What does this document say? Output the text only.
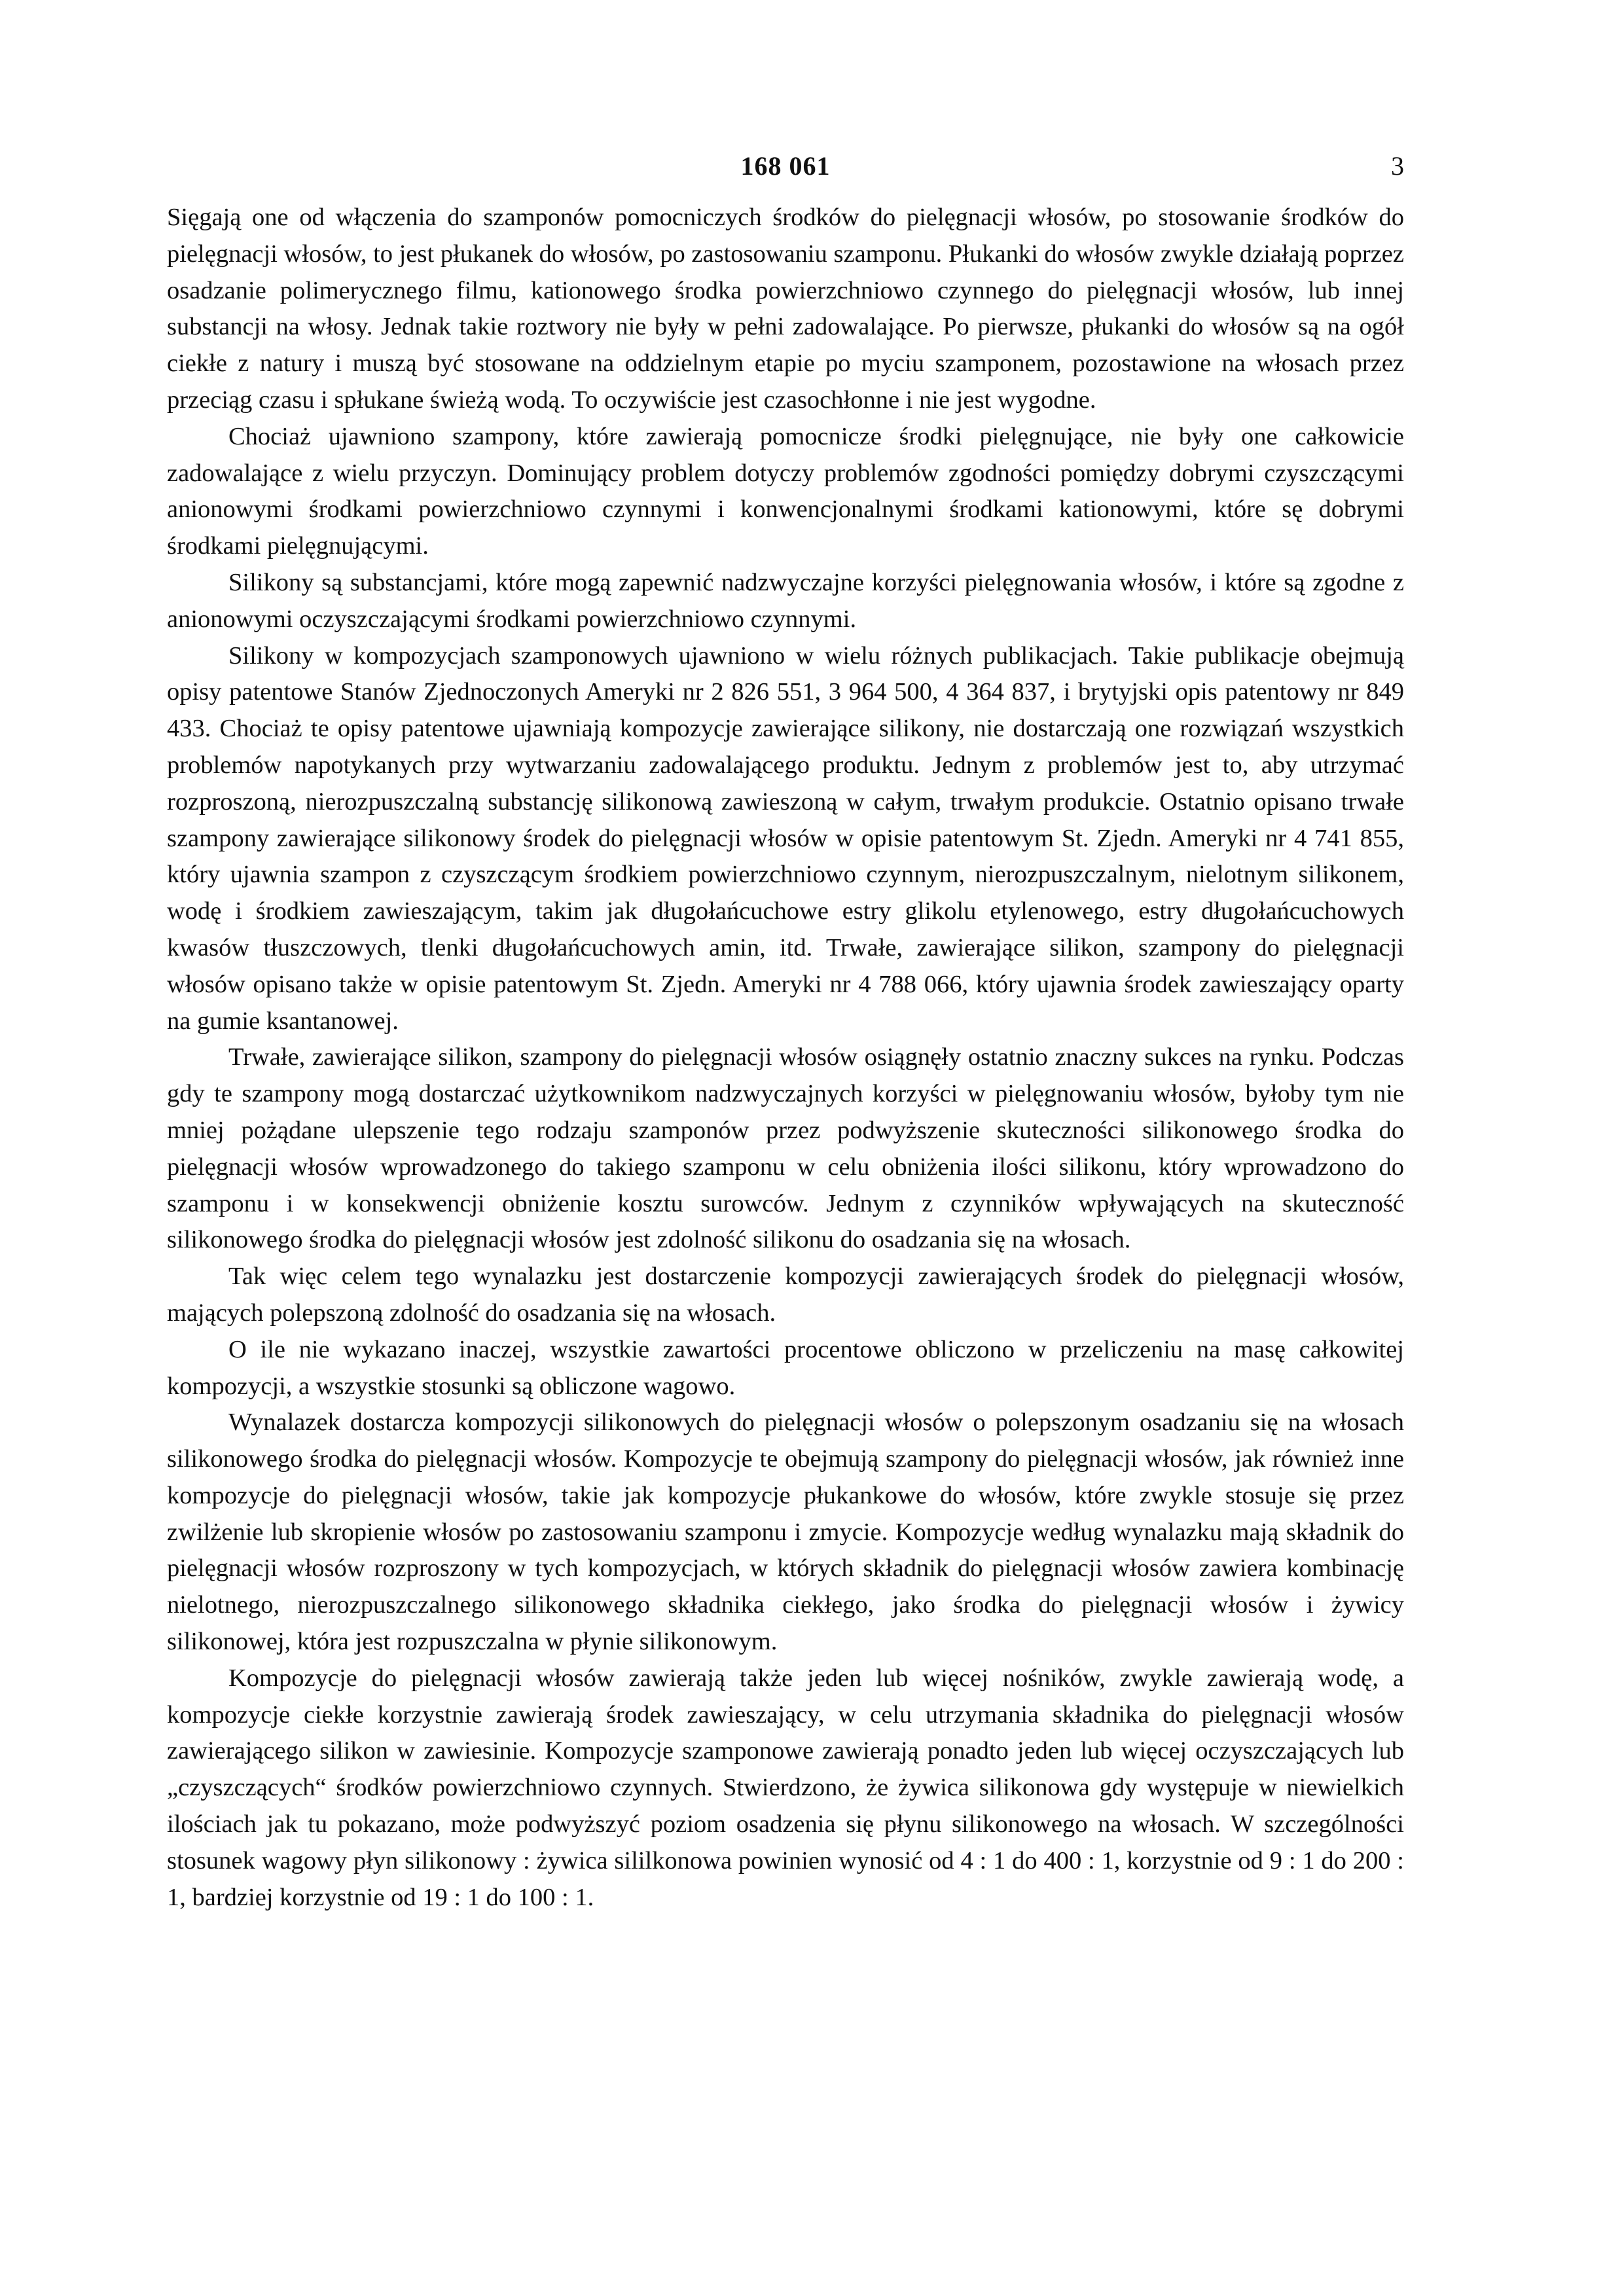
168 061	3

Sięgają one od włączenia do szamponów pomocniczych środków do pielęgnacji włosów, po stosowanie środków do pielęgnacji włosów, to jest płukanek do włosów, po zastosowaniu szamponu. Płukanki do włosów zwykle działają poprzez osadzanie polimerycznego filmu, kationowego środka powierzchniowo czynnego do pielęgnacji włosów, lub innej substancji na włosy. Jednak takie roztwory nie były w pełni zadowalające. Po pierwsze, płukanki do włosów są na ogół ciekłe z natury i muszą być stosowane na oddzielnym etapie po myciu szamponem, pozostawione na włosach przez przeciąg czasu i spłukane świeżą wodą. To oczywiście jest czasochłonne i nie jest wygodne.

Chociaż ujawniono szampony, które zawierają pomocnicze środki pielęgnujące, nie były one całkowicie zadowalające z wielu przyczyn. Dominujący problem dotyczy problemów zgodności pomiędzy dobrymi czyszczącymi anionowymi środkami powierzchniowo czynnymi i konwencjonalnymi środkami kationowymi, które sę dobrymi środkami pielęgnującymi.

Silikony są substancjami, które mogą zapewnić nadzwyczajne korzyści pielęgnowania włosów, i które są zgodne z anionowymi oczyszczającymi środkami powierzchniowo czynnymi.

Silikony w kompozycjach szamponowych ujawniono w wielu różnych publikacjach. Takie publikacje obejmują opisy patentowe Stanów Zjednoczonych Ameryki nr 2 826 551, 3 964 500, 4 364 837, i brytyjski opis patentowy nr 849 433. Chociaż te opisy patentowe ujawniają kompozycje zawierające silikony, nie dostarczają one rozwiązań wszystkich problemów napotykanych przy wytwarzaniu zadowalającego produktu. Jednym z problemów jest to, aby utrzymać rozproszoną, nierozpuszczalną substancję silikonową zawieszoną w całym, trwałym produkcie. Ostatnio opisano trwałe szampony zawierające silikonowy środek do pielęgnacji włosów w opisie patentowym St. Zjedn. Ameryki nr 4 741 855, który ujawnia szampon z czyszczącym środkiem powierzchniowo czynnym, nierozpuszczalnym, nielotnym silikonem, wodę i środkiem zawieszającym, takim jak długołańcuchowe estry glikolu etylenowego, estry długołańcuchowych kwasów tłuszczowych, tlenki długołańcuchowych amin, itd. Trwałe, zawierające silikon, szampony do pielęgnacji włosów opisano także w opisie patentowym St. Zjedn. Ameryki nr 4 788 066, który ujawnia środek zawieszający oparty na gumie ksantanowej.

Trwałe, zawierające silikon, szampony do pielęgnacji włosów osiągnęły ostatnio znaczny sukces na rynku. Podczas gdy te szampony mogą dostarczać użytkownikom nadzwyczajnych korzyści w pielęgnowaniu włosów, byłoby tym nie mniej pożądane ulepszenie tego rodzaju szamponów przez podwyższenie skuteczności silikonowego środka do pielęgnacji włosów wprowadzonego do takiego szamponu w celu obniżenia ilości silikonu, który wprowadzono do szamponu i w konsekwencji obniżenie kosztu surowców. Jednym z czynników wpływających na skuteczność silikonowego środka do pielęgnacji włosów jest zdolność silikonu do osadzania się na włosach.

Tak więc celem tego wynalazku jest dostarczenie kompozycji zawierających środek do pielęgnacji włosów, mających polepszoną zdolność do osadzania się na włosach.

O ile nie wykazano inaczej, wszystkie zawartości procentowe obliczono w przeliczeniu na masę całkowitej kompozycji, a wszystkie stosunki są obliczone wagowo.

Wynalazek dostarcza kompozycji silikonowych do pielęgnacji włosów o polepszonym osadzaniu się na włosach silikonowego środka do pielęgnacji włosów. Kompozycje te obejmują szampony do pielęgnacji włosów, jak również inne kompozycje do pielęgnacji włosów, takie jak kompozycje płukankowe do włosów, które zwykle stosuje się przez zwilżenie lub skropienie włosów po zastosowaniu szamponu i zmycie. Kompozycje według wynalazku mają składnik do pielęgnacji włosów rozproszony w tych kompozycjach, w których składnik do pielęgnacji włosów zawiera kombinację nielotnego, nierozpuszczalnego silikonowego składnika ciekłego, jako środka do pielęgnacji włosów i żywicy silikonowej, która jest rozpuszczalna w płynie silikonowym.

Kompozycje do pielęgnacji włosów zawierają także jeden lub więcej nośników, zwykle zawierają wodę, a kompozycje ciekłe korzystnie zawierają środek zawieszający, w celu utrzymania składnika do pielęgnacji włosów zawierającego silikon w zawiesinie. Kompozycje szamponowe zawierają ponadto jeden lub więcej oczyszczających lub „czyszczących“ środków powierzchniowo czynnych. Stwierdzono, że żywica silikonowa gdy występuje w niewielkich ilościach jak tu pokazano, może podwyższyć poziom osadzenia się płynu silikonowego na włosach. W szczególności stosunek wagowy płyn silikonowy : żywica sililkonowa powinien wynosić od 4 : 1 do 400 : 1, korzystnie od 9 : 1 do 200 : 1, bardziej korzystnie od 19 : 1 do 100 : 1.
